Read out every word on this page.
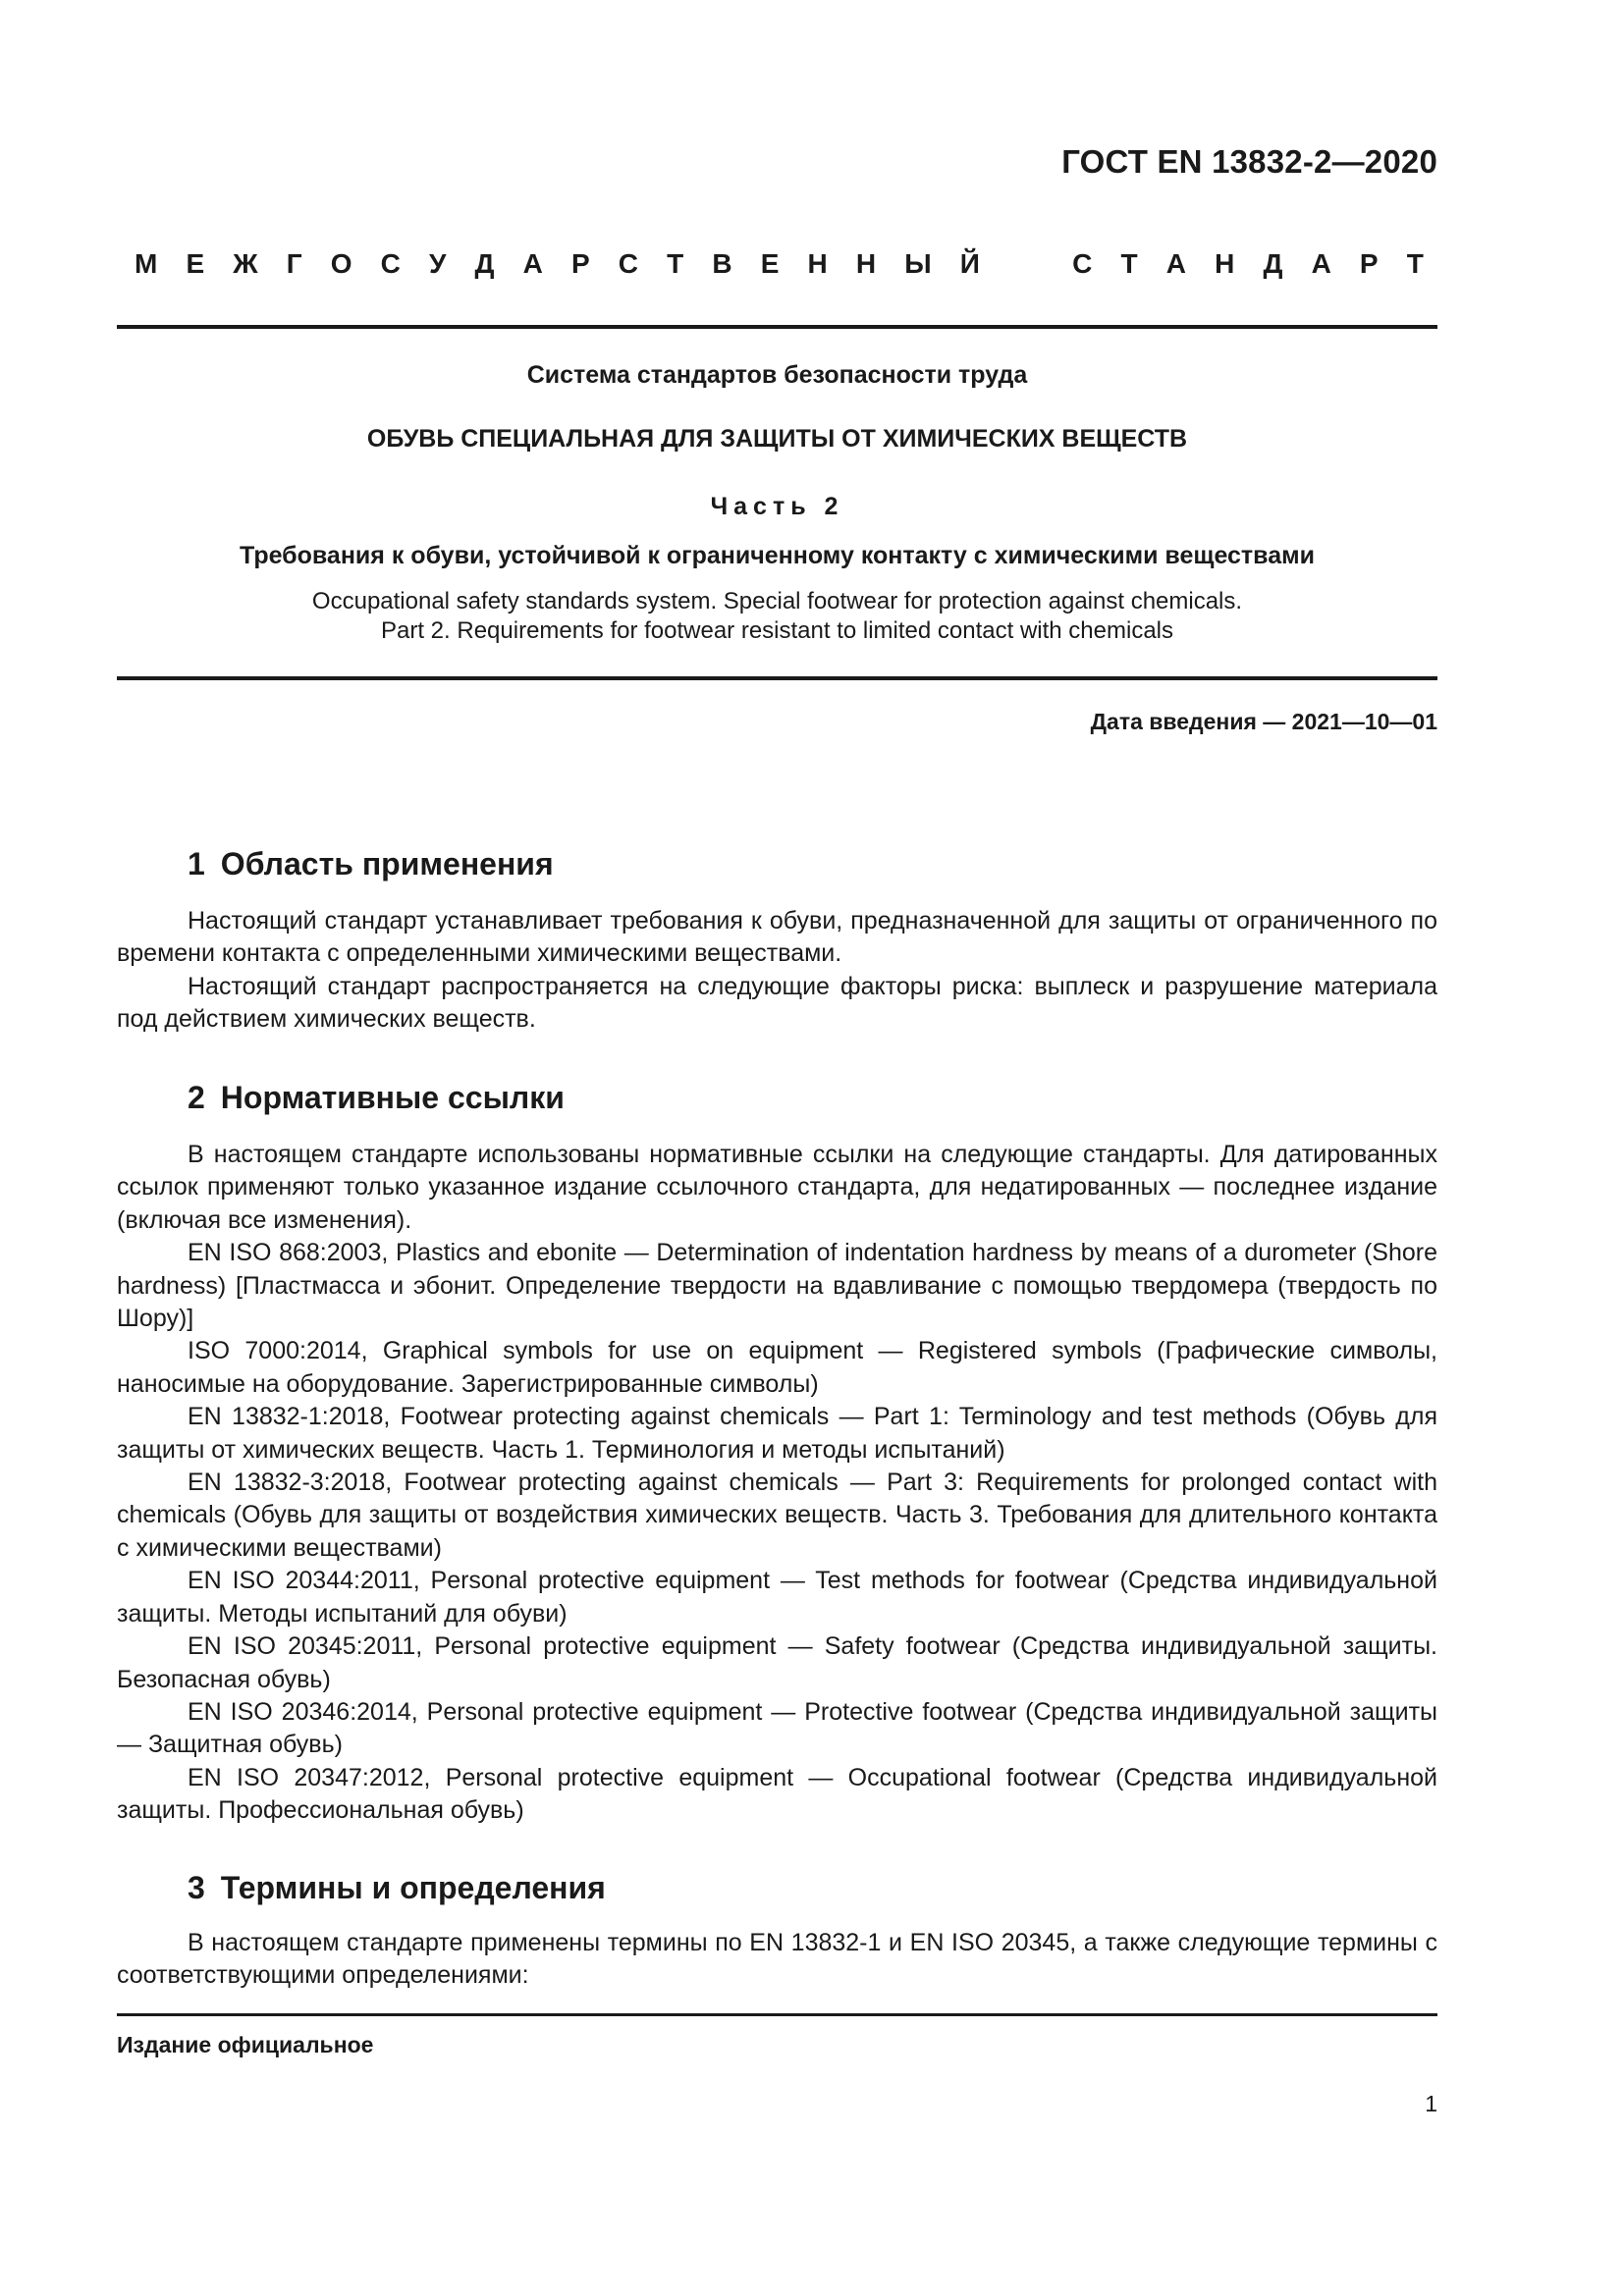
ГОСТ EN 13832-2—2020
М Е Ж Г О С У Д А Р С Т В Е Н Н Ы Й	С Т А Н Д А Р Т
Система стандартов безопасности труда
ОБУВЬ СПЕЦИАЛЬНАЯ ДЛЯ ЗАЩИТЫ ОТ ХИМИЧЕСКИХ ВЕЩЕСТВ
Часть 2
Требования к обуви, устойчивой к ограниченному контакту с химическими веществами
Occupational safety standards system. Special footwear for protection against chemicals.
Part 2. Requirements for footwear resistant to limited contact with chemicals
Дата введения — 2021—10—01
1 Область применения

Настоящий стандарт устанавливает требования к обуви, предназначенной для защиты от ограниченного по времени контакта с определенными химическими веществами.

Настоящий стандарт распространяется на следующие факторы риска: выплеск и разрушение материала под действием химических веществ.

2 Нормативные ссылки

В настоящем стандарте использованы нормативные ссылки на следующие стандарты. Для датированных ссылок применяют только указанное издание ссылочного стандарта, для недатированных — последнее издание (включая все изменения).

EN ISO 868:2003, Plastics and ebonite — Determination of indentation hardness by means of a durometer (Shore hardness) [Пластмасса и эбонит. Определение твердости на вдавливание с помощью твердомера (твердость по Шору)]

ISO 7000:2014, Graphical symbols for use on equipment — Registered symbols (Графические символы, наносимые на оборудование. Зарегистрированные символы)

EN 13832-1:2018, Footwear protecting against chemicals — Part 1: Terminology and test methods (Обувь для защиты от химических веществ. Часть 1. Терминология и методы испытаний)

EN 13832-3:2018, Footwear protecting against chemicals — Part 3: Requirements for prolonged contact with chemicals (Обувь для защиты от воздействия химических веществ. Часть 3. Требования для длительного контакта с химическими веществами)

EN ISO 20344:2011, Personal protective equipment — Test methods for footwear (Средства индивидуальной защиты. Методы испытаний для обуви)

EN ISO 20345:2011, Personal protective equipment — Safety footwear (Средства индивидуальной защиты. Безопасная обувь)

EN ISO 20346:2014, Personal protective equipment — Protective footwear (Средства индивидуальной защиты — Защитная обувь)

EN ISO 20347:2012, Personal protective equipment — Occupational footwear (Средства индивидуальной защиты. Профессиональная обувь)

3 Термины и определения

В настоящем стандарте применены термины по EN 13832-1 и EN ISO 20345, а также следующие термины с соответствующими определениями:

Издание официальное
1
